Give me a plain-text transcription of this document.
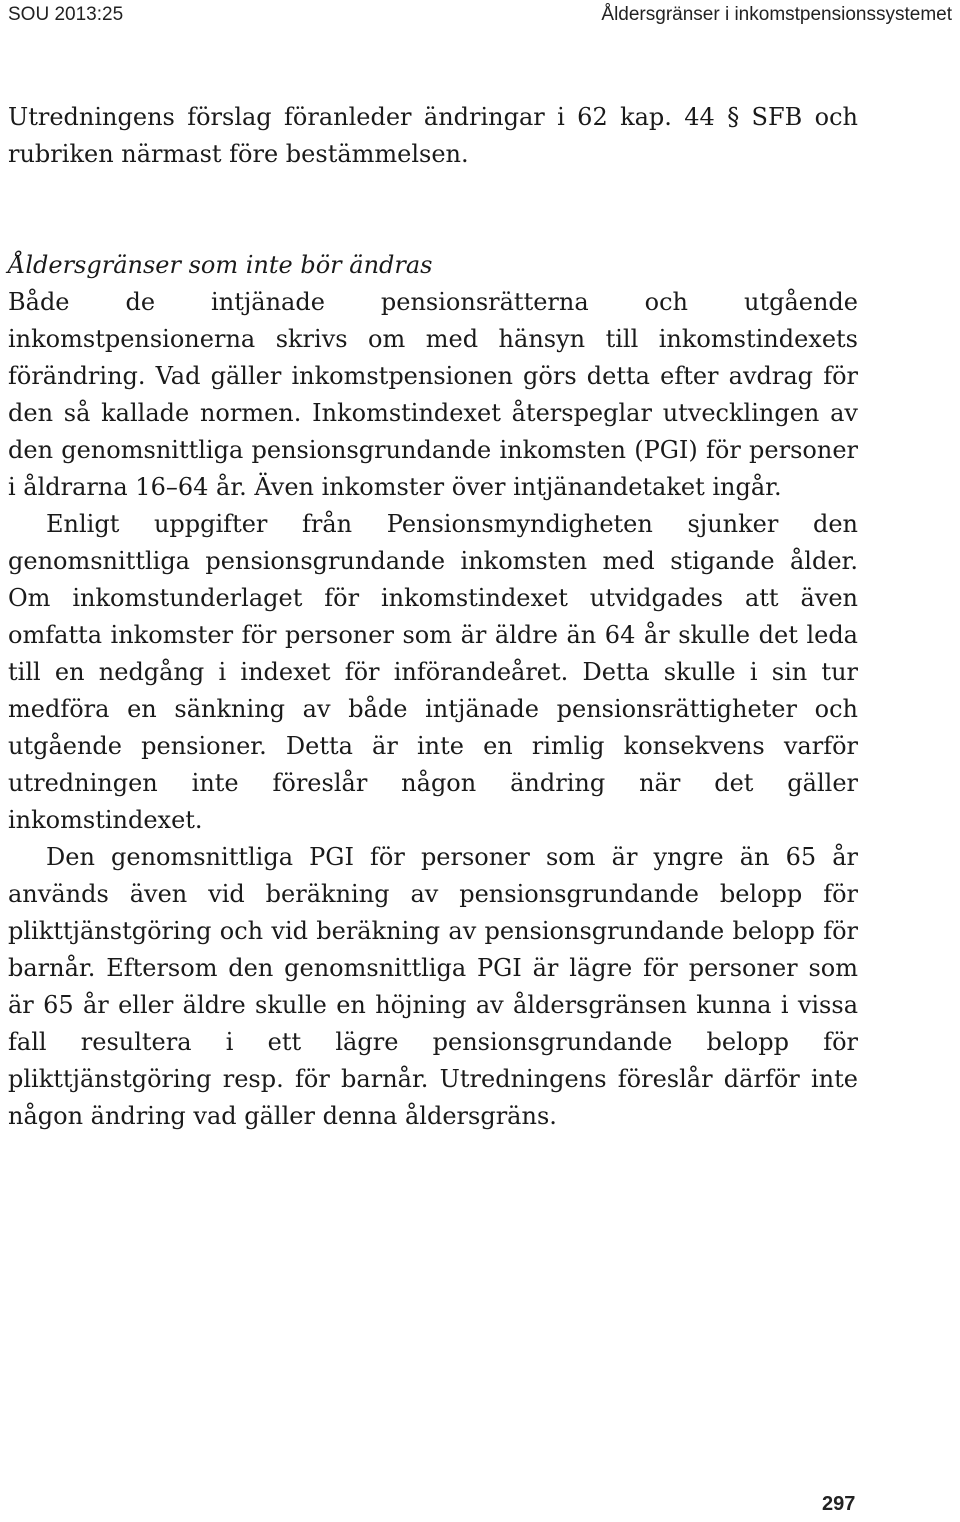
SOU 2013:25	Åldersgränser i inkomstpensionssystemet

Utredningens förslag föranleder ändringar i 62 kap. 44 § SFB och rubriken närmast före bestämmelsen.

Åldersgränser som inte bör ändras

Både de intjänade pensionsrätterna och utgående inkomstpensionerna skrivs om med hänsyn till inkomstindexets förändring. Vad gäller inkomstpensionen görs detta efter avdrag för den så kallade normen. Inkomstindexet återspeglar utvecklingen av den genomsnittliga pensionsgrundande inkomsten (PGI) för personer i åldrarna 16–64 år. Även inkomster över intjänandetaket ingår.

Enligt uppgifter från Pensionsmyndigheten sjunker den genomsnittliga pensionsgrundande inkomsten med stigande ålder. Om inkomstunderlaget för inkomstindexet utvidgades att även omfatta inkomster för personer som är äldre än 64 år skulle det leda till en nedgång i indexet för införandeåret. Detta skulle i sin tur medföra en sänkning av både intjänade pensionsrättigheter och utgående pensioner. Detta är inte en rimlig konsekvens varför utredningen inte föreslår någon ändring när det gäller inkomstindexet.

Den genomsnittliga PGI för personer som är yngre än 65 år används även vid beräkning av pensionsgrundande belopp för plikttjänstgöring och vid beräkning av pensionsgrundande belopp för barnår. Eftersom den genomsnittliga PGI är lägre för personer som är 65 år eller äldre skulle en höjning av åldersgränsen kunna i vissa fall resultera i ett lägre pensionsgrundande belopp för plikttjänstgöring resp. för barnår. Utredningens föreslår därför inte någon ändring vad gäller denna åldersgräns.

297
